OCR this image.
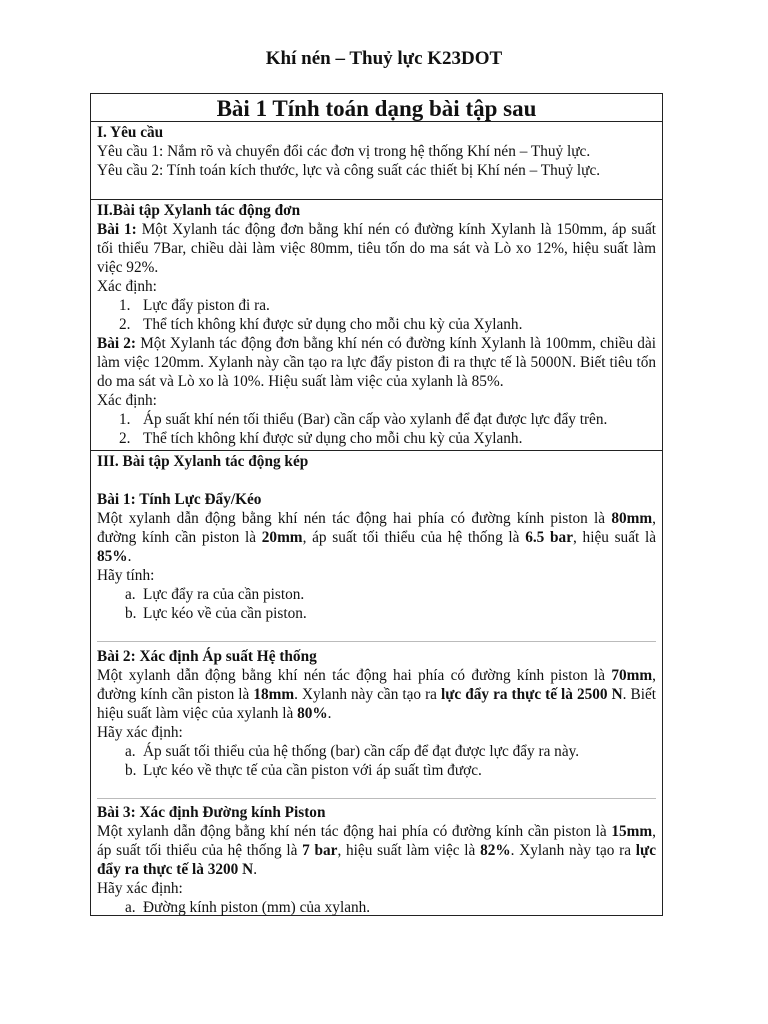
Khí nén – Thuỷ lực K23DOT
Bài 1 Tính toán dạng bài tập sau

I. Yêu cầu

Yêu cầu 1: Nắm rõ và chuyển đổi các đơn vị trong hệ thống Khí nén – Thuỷ lực.

Yêu cầu 2: Tính toán kích thước, lực và công suất các thiết bị Khí nén – Thuỷ lực.

II.Bài tập Xylanh tác động đơn

Bài 1: Một Xylanh tác động đơn bằng khí nén có đường kính Xylanh là 150mm, áp suất tối thiểu 7Bar, chiều dài làm việc 80mm, tiêu tốn do ma sát và Lò xo 12%, hiệu suất làm việc 92%.

Xác định:

1. Lực đẩy piston đi ra.
2. Thể tích không khí được sử dụng cho mỗi chu kỳ của Xylanh.

Bài 2: Một Xylanh tác động đơn bằng khí nén có đường kính Xylanh là 100mm, chiều dài làm việc 120mm. Xylanh này cần tạo ra lực đẩy piston đi ra thực tế là 5000N. Biết tiêu tốn do ma sát và Lò xo là 10%. Hiệu suất làm việc của xylanh là 85%.

Xác định:

1. Áp suất khí nén tối thiểu (Bar) cần cấp vào xylanh để đạt được lực đẩy trên.
2. Thể tích không khí được sử dụng cho mỗi chu kỳ của Xylanh.

III. Bài tập Xylanh tác động kép

Bài 1: Tính Lực Đẩy/Kéo

Một xylanh dẫn động bằng khí nén tác động hai phía có đường kính piston là 80mm, đường kính cần piston là 20mm, áp suất tối thiểu của hệ thống là 6.5 bar, hiệu suất là 85%.

Hãy tính:

a. Lực đẩy ra của cần piston.
b. Lực kéo về của cần piston.

Bài 2: Xác định Áp suất Hệ thống

Một xylanh dẫn động bằng khí nén tác động hai phía có đường kính piston là 70mm, đường kính cần piston là 18mm. Xylanh này cần tạo ra lực đẩy ra thực tế là 2500 N. Biết hiệu suất làm việc của xylanh là 80%.

Hãy xác định:

a. Áp suất tối thiểu của hệ thống (bar) cần cấp để đạt được lực đẩy ra này.
b. Lực kéo về thực tế của cần piston với áp suất tìm được.

Bài 3: Xác định Đường kính Piston

Một xylanh dẫn động bằng khí nén tác động hai phía có đường kính cần piston là 15mm, áp suất tối thiểu của hệ thống là 7 bar, hiệu suất làm việc là 82%. Xylanh này tạo ra lực đẩy ra thực tế là 3200 N.

Hãy xác định:

a. Đường kính piston (mm) của xylanh.
